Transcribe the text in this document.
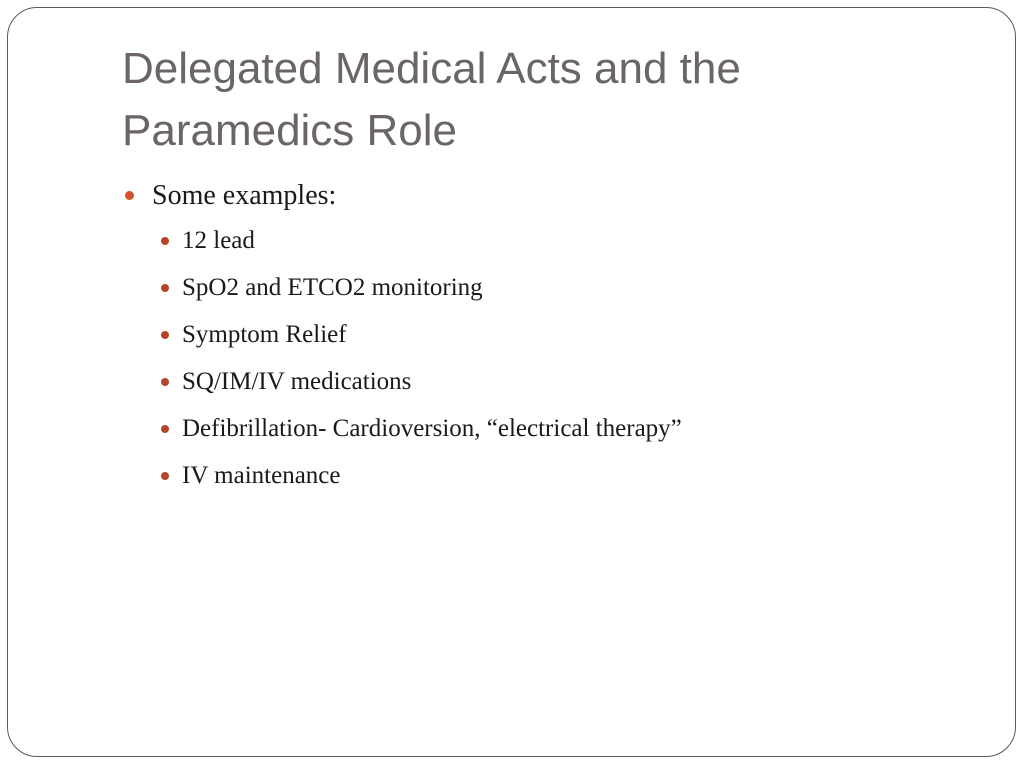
Delegated Medical Acts and the
Paramedics Role
Some examples:
12 lead
SpO2 and ETCO2 monitoring
Symptom Relief
SQ/IM/IV medications
Defibrillation- Cardioversion, “electrical therapy”
IV maintenance
